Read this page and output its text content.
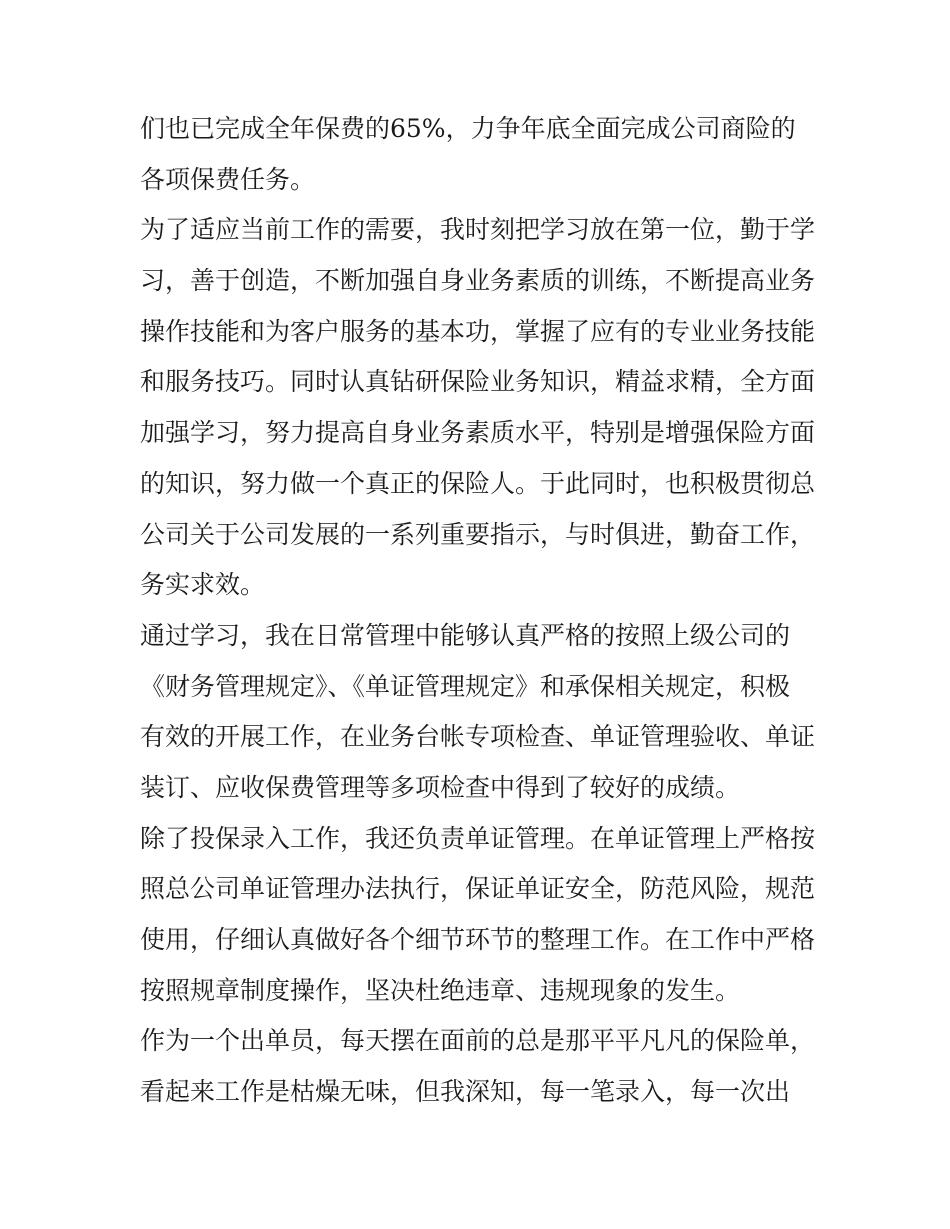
们也已完成全年保费的65%，力争年底全面完成公司商险的
各项保费任务。
为了适应当前工作的需要，我时刻把学习放在第一位，勤于学
习，善于创造，不断加强自身业务素质的训练，不断提高业务
操作技能和为客户服务的基本功，掌握了应有的专业业务技能
和服务技巧。同时认真钻研保险业务知识，精益求精，全方面
加强学习，努力提高自身业务素质水平，特别是增强保险方面
的知识，努力做一个真正的保险人。于此同时，也积极贯彻总
公司关于公司发展的一系列重要指示，与时俱进，勤奋工作，
务实求效。
通过学习，我在日常管理中能够认真严格的按照上级公司的
《财务管理规定》、《单证管理规定》和承保相关规定，积极
有效的开展工作，在业务台帐专项检查、单证管理验收、单证
装订、应收保费管理等多项检查中得到了较好的成绩。
除了投保录入工作，我还负责单证管理。在单证管理上严格按
照总公司单证管理办法执行，保证单证安全，防范风险，规范
使用，仔细认真做好各个细节环节的整理工作。在工作中严格
按照规章制度操作，坚决杜绝违章、违规现象的发生。
作为一个出单员，每天摆在面前的总是那平平凡凡的保险单，
看起来工作是枯燥无味，但我深知，每一笔录入，每一次出
